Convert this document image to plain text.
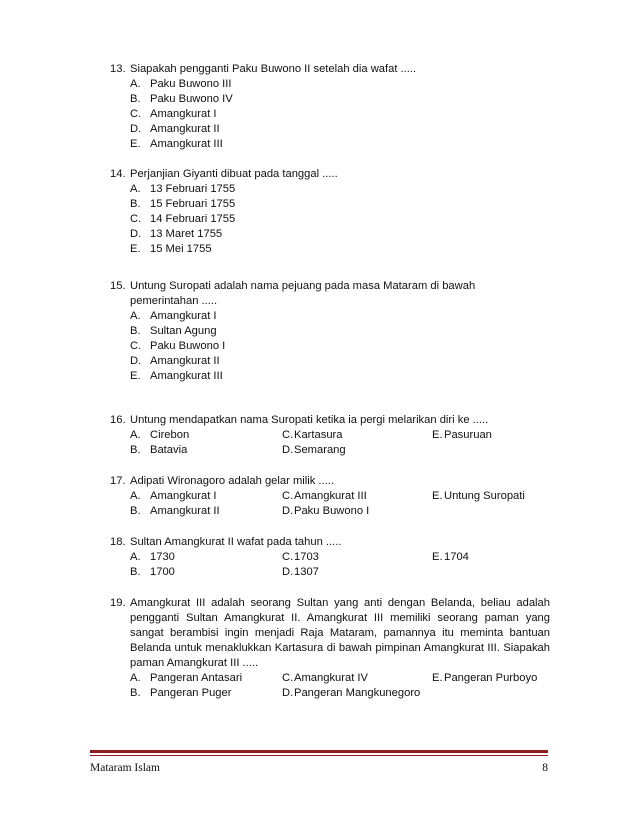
13. Siapakah pengganti Paku Buwono II setelah dia wafat .....
A. Paku Buwono III
B. Paku Buwono IV
C. Amangkurat I
D. Amangkurat II
E. Amangkurat III
14. Perjanjian Giyanti dibuat pada tanggal .....
A. 13 Februari 1755
B. 15 Februari 1755
C. 14 Februari 1755
D. 13 Maret 1755
E. 15 Mei 1755
15. Untung Suropati adalah nama pejuang pada masa Mataram di bawah pemerintahan .....
A. Amangkurat I
B. Sultan Agung
C. Paku Buwono I
D. Amangkurat II
E. Amangkurat III
16. Untung mendapatkan nama Suropati ketika ia pergi melarikan diri ke .....
A. Cirebon	C. Kartasura	E. Pasuruan
B. Batavia	D. Semarang
17. Adipati Wironagoro adalah gelar milik .....
A. Amangkurat I	C. Amangkurat III	E. Untung Suropati
B. Amangkurat II	D. Paku Buwono I
18. Sultan Amangkurat II wafat pada tahun .....
A. 1730	C. 1703	E. 1704
B. 1700	D. 1307
19. Amangkurat III adalah seorang Sultan yang anti dengan Belanda, beliau adalah pengganti Sultan Amangkurat II. Amangkurat III memiliki seorang paman yang sangat berambisi ingin menjadi Raja Mataram, pamannya itu meminta bantuan Belanda untuk menaklukkan Kartasura di bawah pimpinan Amangkurat III. Siapakah paman Amangkurat III .....
A. Pangeran Antasari	C. Amangkurat IV	E. Pangeran Purboyo
B. Pangeran Puger	D. Pangeran Mangkunegoro
Mataram Islam	8
